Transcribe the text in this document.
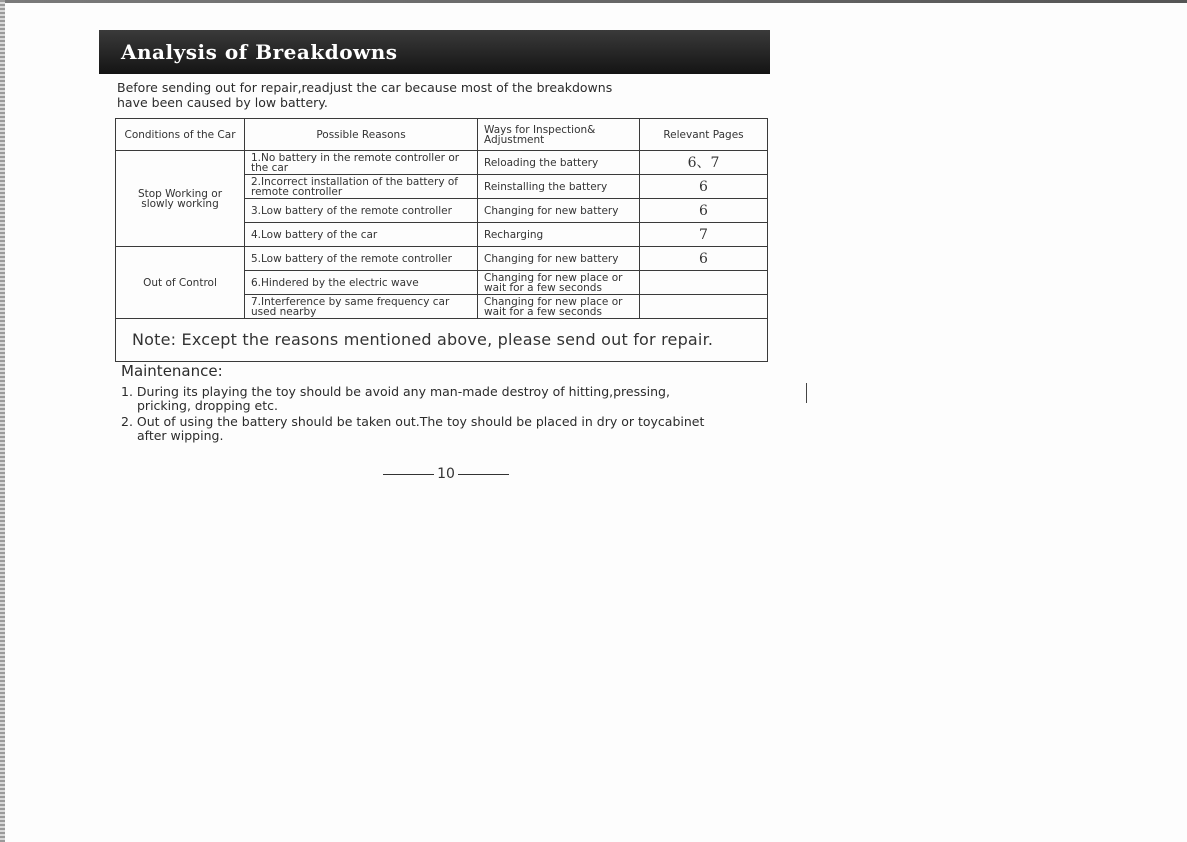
Analysis of Breakdowns
Before sending out for repair,readjust the car because most of the breakdowns
have been caused by low battery.
Conditions of the Car	Possible Reasons	Ways for Inspection& Adjustment	Relevant Pages
Stop Working or slowly working	1.No battery in the remote controller or the car	Reloading the battery	6、7
	2.Incorrect installation of the battery of remote controller	Reinstalling the battery	6
	3.Low battery of the remote controller	Changing for new battery	6
	4.Low battery of the car	Recharging	7
Out of Control	5.Low battery of the remote controller	Changing for new battery	6
	6.Hindered by the electric wave	Changing for new place or wait for a few seconds	
	7.Interference by same frequency car used nearby	Changing for new place or wait for a few seconds	
Note: Except the reasons mentioned above, please send out for repair.			
Maintenance:
1. During its playing the toy should be avoid any man-made destroy of hitting,pressing,
pricking, dropping etc.
2. Out of using the battery should be taken out.The toy should be placed in dry or toycabinet
after wipping.
10
